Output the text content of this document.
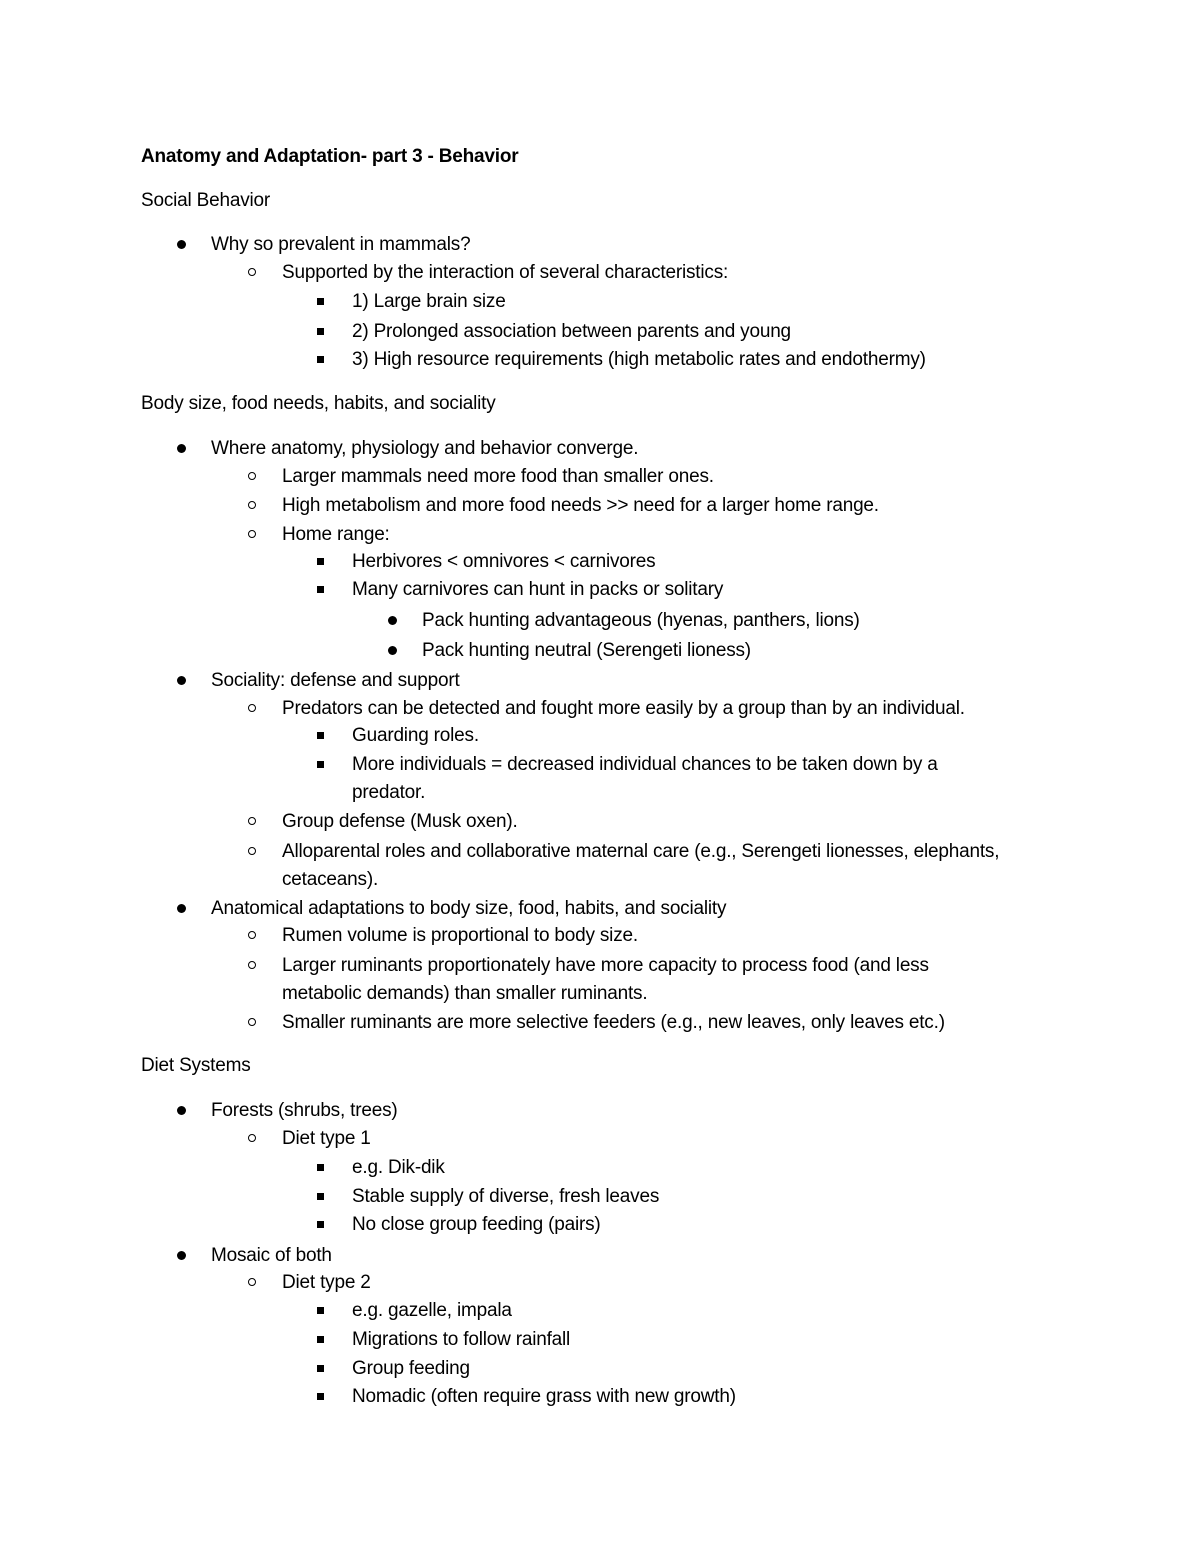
Anatomy and Adaptation- part 3 - Behavior
Social Behavior
Why so prevalent in mammals?
Supported by the interaction of several characteristics:
1) Large brain size
2) Prolonged association between parents and young
3) High resource requirements (high metabolic rates and endothermy)
Body size, food needs, habits, and sociality
Where anatomy, physiology and behavior converge.
Larger mammals need more food than smaller ones.
High metabolism and more food needs >> need for a larger home range.
Home range:
Herbivores < omnivores < carnivores
Many carnivores can hunt in packs or solitary
Pack hunting advantageous (hyenas, panthers, lions)
Pack hunting neutral (Serengeti lioness)
Sociality: defense and support
Predators can be detected and fought more easily by a group than by an individual.
Guarding roles.
More individuals = decreased individual chances to be taken down by a
predator.
Group defense (Musk oxen).
Alloparental roles and collaborative maternal care (e.g., Serengeti lionesses, elephants,
cetaceans).
Anatomical adaptations to body size, food, habits, and sociality
Rumen volume is proportional to body size.
Larger ruminants proportionately have more capacity to process food (and less
metabolic demands) than smaller ruminants.
Smaller ruminants are more selective feeders (e.g., new leaves, only leaves etc.)
Diet Systems
Forests (shrubs, trees)
Diet type 1
e.g. Dik-dik
Stable supply of diverse, fresh leaves
No close group feeding (pairs)
Mosaic of both
Diet type 2
e.g. gazelle, impala
Migrations to follow rainfall
Group feeding
Nomadic (often require grass with new growth)
